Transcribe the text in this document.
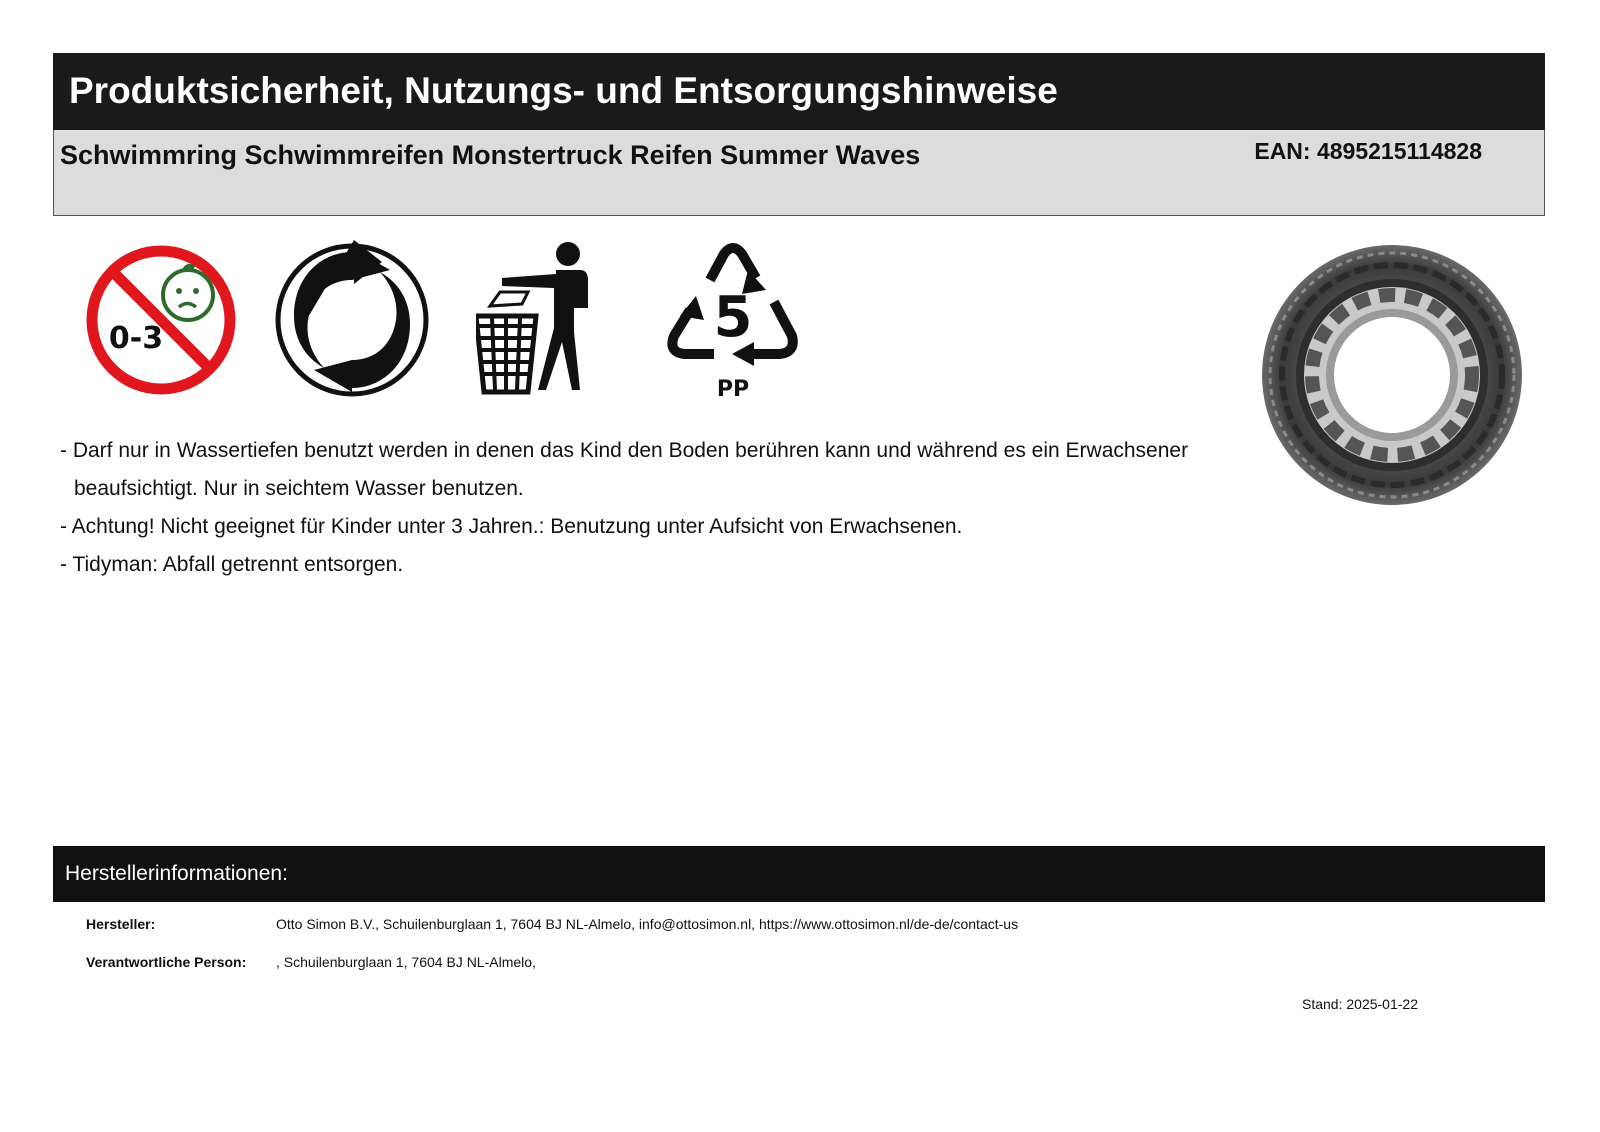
Produktsicherheit, Nutzungs- und Entsorgungshinweise
Schwimmring Schwimmreifen Monstertruck Reifen Summer Waves	EAN: 4895215114828
0-3	5
PP

- Darf nur in Wassertiefen benutzt werden in denen das Kind den Boden berühren kann und während es ein Erwachsener beaufsichtigt. Nur in seichtem Wasser benutzen.

- Achtung! Nicht geeignet für Kinder unter 3 Jahren.: Benutzung unter Aufsicht von Erwachsenen.

- Tidyman: Abfall getrennt entsorgen.

Herstellerinformationen:
Hersteller:	Otto Simon B.V., Schuilenburglaan 1, 7604 BJ NL-Almelo, info@ottosimon.nl, https://www.ottosimon.nl/de-de/contact-us
Verantwortliche Person: , Schuilenburglaan 1, 7604 BJ NL-Almelo,
Stand: 2025-01-22
